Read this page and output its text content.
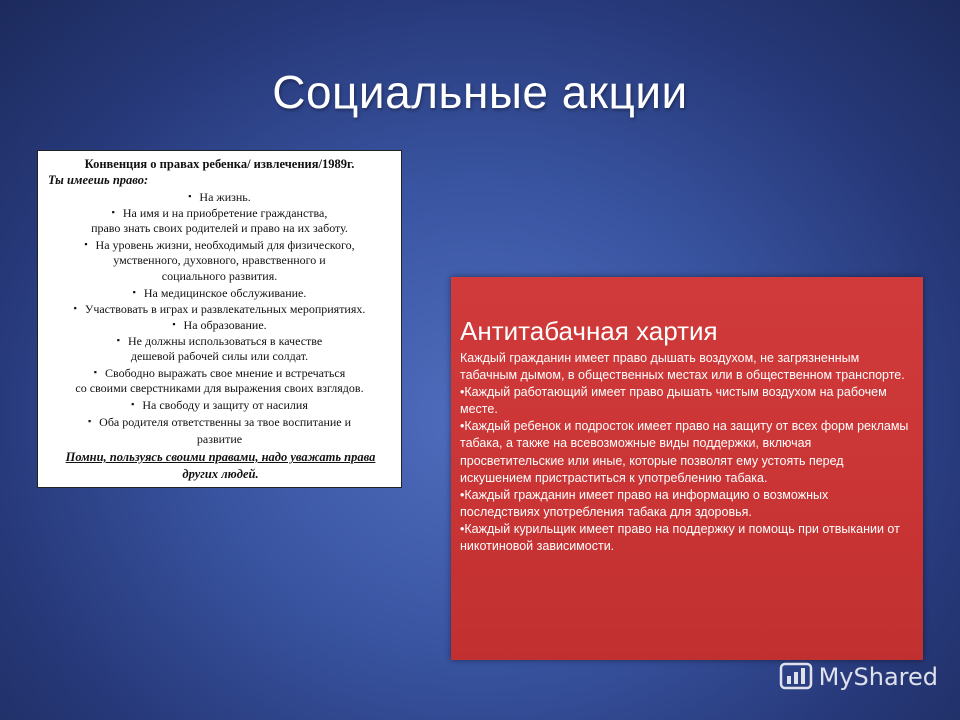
Социальные акции
Конвенция о правах ребенка/ извлечения/1989г.
Ты имеешь право:
▪ На жизнь.
▪ На имя и на приобретение гражданства,
право знать своих родителей и право на их заботу.
▪ На уровень жизни, необходимый для физического,
умственного, духовного, нравственного и
социального развития.
▪ На медицинское обслуживание.
▪ Участвовать в играх и развлекательных мероприятиях.
▪ На образование.
▪ Не должны использоваться в качестве
дешевой рабочей силы или солдат.
▪ Свободно выражать свое мнение и встречаться
со своими сверстниками для выражения своих взглядов.
▪ На свободу и защиту от насилия
▪ Оба родителя ответственны за твое воспитание и
развитие
Помни, пользуясь своими правами, надо уважать права
других людей.
Антитабачная хартия

Каждый гражданин имеет право дышать воздухом, не загрязненным табачным дымом, в общественных местах или в общественном транспорте.

•Каждый работающий имеет право дышать чистым воздухом на рабочем месте.

•Каждый ребенок и подросток имеет право на защиту от всех форм рекламы табака, а также на всевозможные виды поддержки, включая просветительские или иные, которые позволят ему устоять перед искушением пристраститься к употреблению табака.

•Каждый гражданин имеет право на информацию о возможных последствиях употребления табака для здоровья.

•Каждый курильщик имеет право на поддержку и помощь при отвыкании от никотиновой зависимости.

MyShared
